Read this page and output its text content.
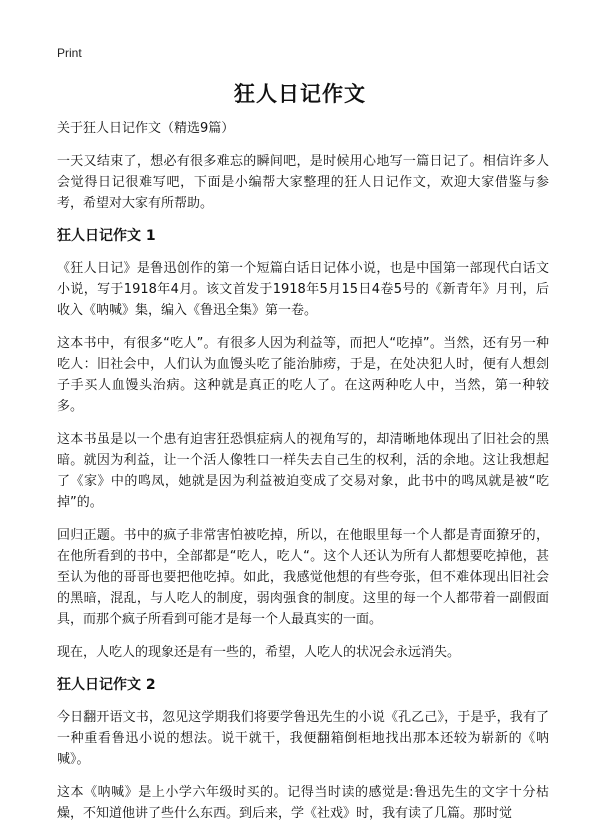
Print
狂人日记作文

关于狂人日记作文（精选9篇）

一天又结束了，想必有很多难忘的瞬间吧，是时候用心地写一篇日记了。相信许多人会觉得日记很难写吧，下面是小编帮大家整理的狂人日记作文，欢迎大家借鉴与参考，希望对大家有所帮助。

狂人日记作文 1

《狂人日记》是鲁迅创作的第一个短篇白话日记体小说，也是中国第一部现代白话文小说，写于1918年4月。该文首发于1918年5月15日4卷5号的《新青年》月刊，后收入《呐喊》集，编入《鲁迅全集》第一卷。

这本书中，有很多“吃人”。有很多人因为利益等，而把人“吃掉”。当然，还有另一种吃人：旧社会中，人们认为血馒头吃了能治肺痨，于是，在处决犯人时，便有人想刽子手买人血馒头治病。这种就是真正的吃人了。在这两种吃人中，当然，第一种较多。

这本书虽是以一个患有迫害狂恐惧症病人的视角写的，却清晰地体现出了旧社会的黑暗。就因为利益，让一个活人像牲口一样失去自己生的权利，活的余地。这让我想起了《家》中的鸣凤，她就是因为利益被迫变成了交易对象，此书中的鸣凤就是被“吃掉”的。

回归正题。书中的疯子非常害怕被吃掉，所以，在他眼里每一个人都是青面獠牙的，在他所看到的书中，全部都是“吃人，吃人“。这个人还认为所有人都想要吃掉他，甚至认为他的哥哥也要把他吃掉。如此，我感觉他想的有些夸张，但不难体现出旧社会的黑暗，混乱，与人吃人的制度，弱肉强食的制度。这里的每一个人都带着一副假面具，而那个疯子所看到可能才是每一个人最真实的一面。

现在，人吃人的现象还是有一些的，希望，人吃人的状况会永远消失。

狂人日记作文 2

今日翻开语文书，忽见这学期我们将要学鲁迅先生的小说《孔乙己》，于是乎，我有了一种重看鲁迅小说的想法。说干就干，我便翻箱倒柜地找出那本还较为崭新的《呐喊》。

这本《呐喊》是上小学六年级时买的。记得当时读的感觉是:鲁迅先生的文字十分枯燥，不知道他讲了些什么东西。到后来，学《社戏》时，我有读了几篇。那时觉
